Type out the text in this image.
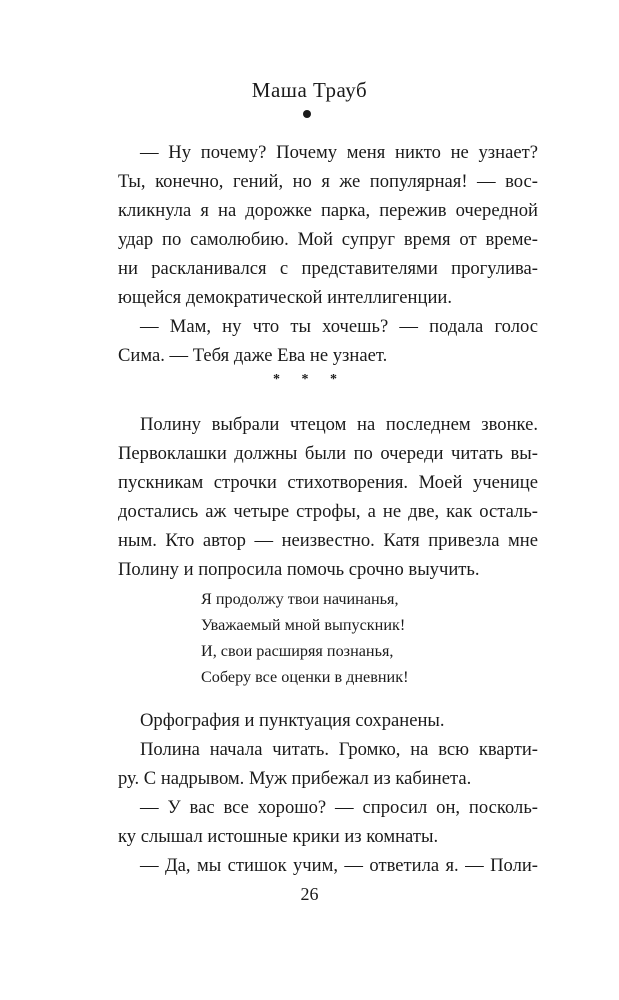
Маша Трауб
— Ну почему? Почему меня никто не узнает?
Ты, конечно, гений, но я же популярная! — вос-
кликнула я на дорожке парка, пережив очередной
удар по самолюбию. Мой супруг время от време-
ни раскланивался с представителями прогулива-
ющейся демократической интеллигенции.
— Мам, ну что ты хочешь? — подала голос
Сима. — Тебя даже Ева не узнает.
* * *
Полину выбрали чтецом на последнем звонке.
Первоклашки должны были по очереди читать вы-
пускникам строчки стихотворения. Моей ученице
достались аж четыре строфы, а не две, как осталь-
ным. Кто автор — неизвестно. Катя привезла мне
Полину и попросила помочь срочно выучить.
Я продолжу твои начинанья,
Уважаемый мной выпускник!
И, свои расширяя познанья,
Соберу все оценки в дневник!
Орфография и пунктуация сохранены.
Полина начала читать. Громко, на всю кварти-
ру. С надрывом. Муж прибежал из кабинета.
— У вас все хорошо? — спросил он, посколь-
ку слышал истошные крики из комнаты.
— Да, мы стишок учим, — ответила я. — Поли-
26
